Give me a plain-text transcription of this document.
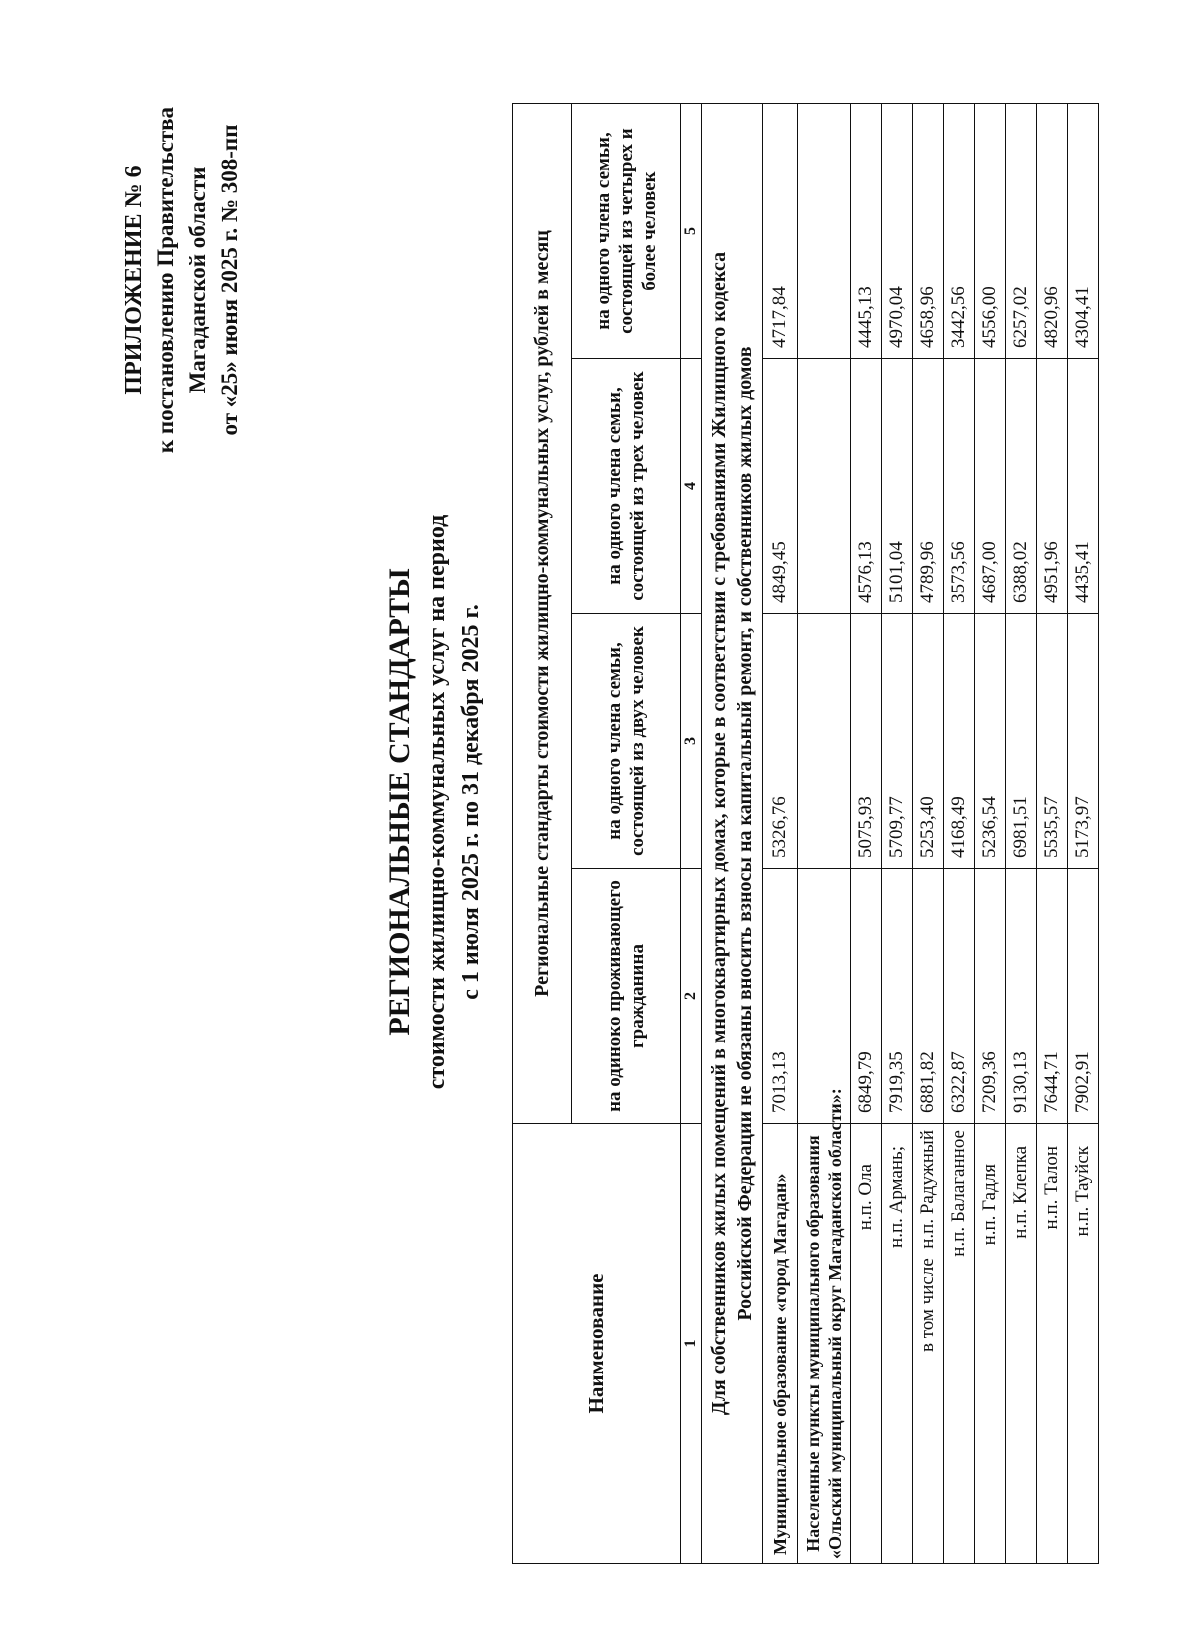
ПРИЛОЖЕНИЕ № 6 к постановлению Правительства Магаданской области от «25» июня 2025 г. № 308-пп
РЕГИОНАЛЬНЫЕ СТАНДАРТЫ стоимости жилищно-коммунальных услуг на период с 1 июля 2025 г. по 31 декабря 2025 г.
Наименование	Региональные стандарты стоимости жилищно-коммунальных услуг, рублей в месяц			
	на одиноко проживающего гражданина	на одного члена семьи, состоящей из двух человек	на одного члена семьи, состоящей из трех человек	на одного члена семьи, состоящей из четырех и более человек
1	2	3	4	5

Для собственников жилых помещений в многоквартирных домах, которые в соответствии с требованиями Жилищного кодекса Российской Федерации не обязаны вносить взносы на капитальный ремонт, и собственников жилых домов				

Муниципальное образование «город Магадан»	7013,13	5326,76	4849,45	4717,84

Населенные пункты муниципального образования «Ольский муниципальный округ Магаданской области»:				

н.п. Ола	6849,79	5075,93	4576,13	4445,13
н.п. Армань;	7919,35	5709,77	5101,04	4970,04
в том числе  н.п. Радужный	6881,82	5253,40	4789,96	4658,96
н.п. Балаганное	6322,87	4168,49	3573,56	3442,56
н.п. Гадля	7209,36	5236,54	4687,00	4556,00
н.п. Клепка	9130,13	6981,51	6388,02	6257,02
н.п. Талон	7644,71	5535,57	4951,96	4820,96
н.п. Тауйск	7902,91	5173,97	4435,41	4304,41
